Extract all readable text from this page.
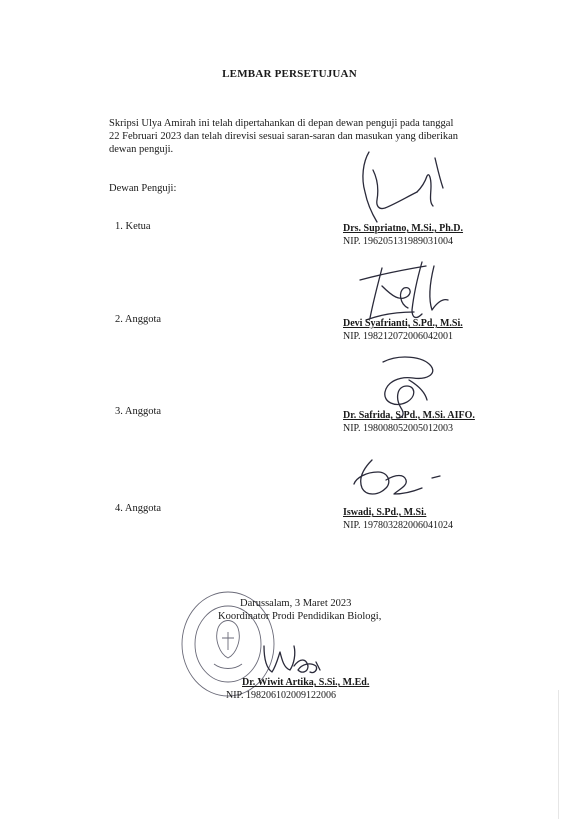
LEMBAR PERSETUJUAN
Skripsi Ulya Amirah ini telah dipertahankan di depan dewan penguji pada tanggal
22 Februari 2023 dan telah direvisi sesuai saran-saran dan masukan yang diberikan
dewan penguji.
Dewan Penguji:
1. Ketua	Drs. Supriatno, M.Si., Ph.D.
NIP. 196205131989031004
2. Anggota	Devi Syafrianti, S.Pd., M.Si.
NIP. 198212072006042001
3. Anggota	Dr. Safrida, S.Pd., M.Si. AIFO.
NIP. 198008052005012003
4. Anggota	Iswadi, S.Pd., M.Si.
NIP. 197803282006041024
Darussalam, 3 Maret 2023
Koordinator Prodi Pendidikan Biologi,
Dr. Wiwit Artika, S.Si., M.Ed.
NIP. 198206102009122006
